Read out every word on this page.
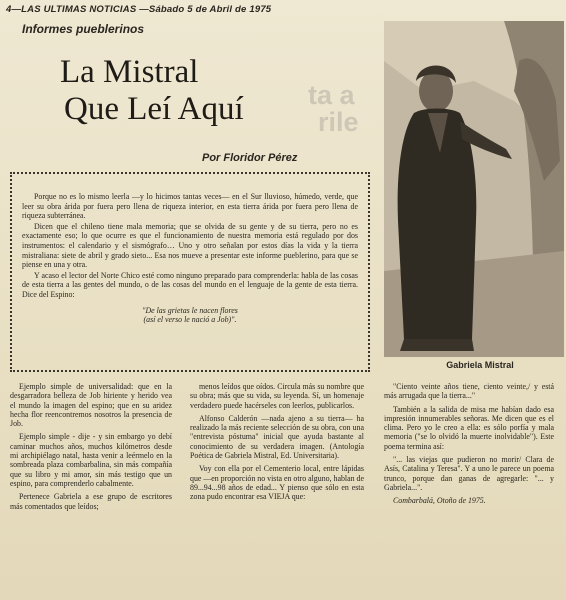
4—LAS ULTIMAS NOTICIAS —Sábado 5 de Abril de 1975
Informes pueblerinos
La Mistral
Que Leí Aquí	ta a
rile
Por Floridor Pérez
Gabriela Mistral

Porque no es lo mismo leerla —y lo hicimos tantas veces— en el Sur lluvioso, húmedo, verde, que leer su obra árida por fuera pero llena de riqueza interior, en esta tierra árida por fuera pero llena de riqueza subterránea.

Dicen que el chileno tiene mala memoria; que se olvida de su gente y de su tierra, pero no es exactamente eso; lo que ocurre es que el funcionamiento de nuestra memoria está regulado por dos instrumentos: el calendario y el sismógrafo… Uno y otro señalan por estos días la vida y la tierra mistraliana: siete de abril y grado sieto... Esa nos mueve a presentar este informe pueblerino, para que se piense en una y otra.

Y acaso el lector del Norte Chico esté como ninguno preparado para comprenderla: habla de las cosas de esta tierra a las gentes del mundo, o de las cosas del mundo en el lenguaje de la gente de esta tierra. Dice del Espino:

"De las grietas le nacen flores
(así el verso le nació a Job)".

Ejemplo simple de universalidad: que en la desgarradora belleza de Job hiriente y herido vea el mundo la imagen del espino; que en su aridez hecha flor reencontremos nosotros la presencia de Job.

Ejemplo simple - dije - y sin embargo yo debí caminar muchos años, muchos kilómetros desde mi archipiélago natal, hasta venir a leérmelo en la sombreada plaza combarbalina, sin más compañía que su libro y mi amor, sin más testigo que un espino, para comprenderlo cabalmente.

Pertenece Gabriela a ese grupo de escritores más comentados que leídos;

menos leídos que oídos. Circula más su nombre que su obra; más que su vida, su leyenda. Sí, un homenaje verdadero puede hacérseles con leerlos, publicarlos.

Alfonso Calderón —nada ajeno a su tierra— ha realizado la más reciente selección de su obra, con una "entrevista póstuma" inicial que ayuda bastante al conocimiento de su verdadera imagen. (Antología Poética de Gabriela Mistral, Ed. Universitaria).

Voy con ella por el Cementerio local, entre lápidas que —en proporción no vista en otro alguno, hablan de 89...94...98 años de edad... Y pienso que sólo en esta zona pudo encontrar esa VIEJA que:

"Ciento veinte años tiene, ciento veinte,/ y está más arrugada que la tierra..."

También a la salida de misa me habían dado esa impresión innumerables señoras. Me dicen que es el clima. Pero yo le creo a ella: es sólo porfía y mala memoria ("se lo olvidó la muerte inolvidable"). Este poema termina así:

"... las viejas que pudieron no morir/ Clara de Asís, Catalina y Teresa". Y a uno le parece un poema trunco, porque dan ganas de agregarle: "... y Gabriela...".

Combarbalá, Otoño de 1975.
